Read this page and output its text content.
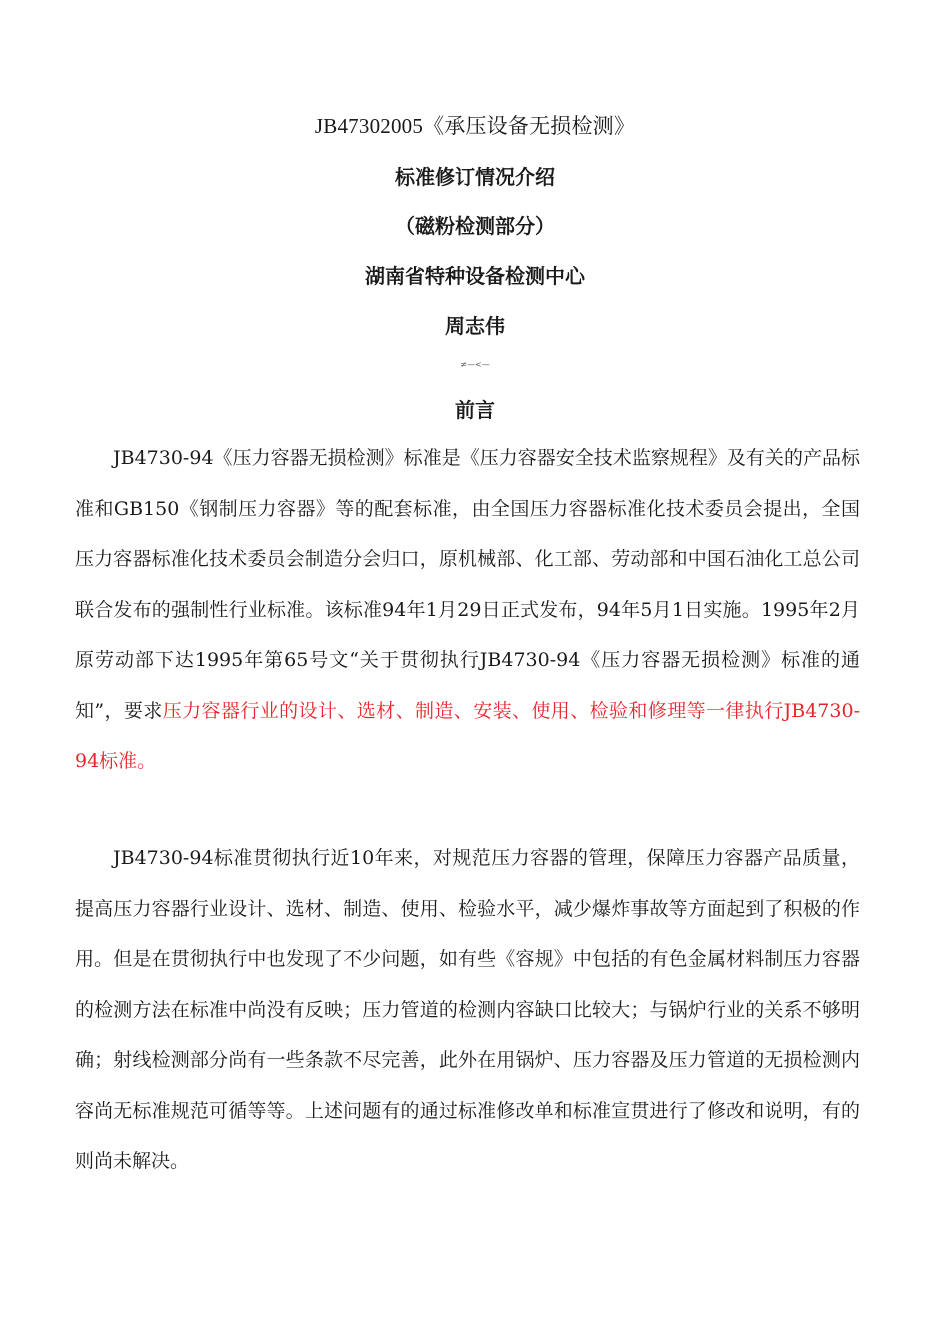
JB47302005《承压设备无损检测》
标准修订情况介绍
（磁粉检测部分）
湖南省特种设备检测中心
周志伟
≠—<—
前言

JB4730-94《压力容器无损检测》标准是《压力容器安全技术监察规程》及有关的产品标准和GB150《钢制压力容器》等的配套标准，由全国压力容器标准化技术委员会提出，全国压力容器标准化技术委员会制造分会归口，原机械部、化工部、劳动部和中国石油化工总公司联合发布的强制性行业标准。该标准94年1月29日正式发布，94年5月1日实施。1995年2月原劳动部下达1995年第65号文“关于贯彻执行JB4730-94《压力容器无损检测》标准的通知”，要求压力容器行业的设计、选材、制造、安装、使用、检验和修理等一律执行JB4730-94标准。

JB4730-94标准贯彻执行近10年来，对规范压力容器的管理，保障压力容器产品质量，提高压力容器行业设计、选材、制造、使用、检验水平，减少爆炸事故等方面起到了积极的作用。但是在贯彻执行中也发现了不少问题，如有些《容规》中包括的有色金属材料制压力容器的检测方法在标准中尚没有反映；压力管道的检测内容缺口比较大；与锅炉行业的关系不够明确；射线检测部分尚有一些条款不尽完善，此外在用锅炉、压力容器及压力管道的无损检测内容尚无标准规范可循等等。上述问题有的通过标准修改单和标准宣贯进行了修改和说明，有的则尚未解决。
